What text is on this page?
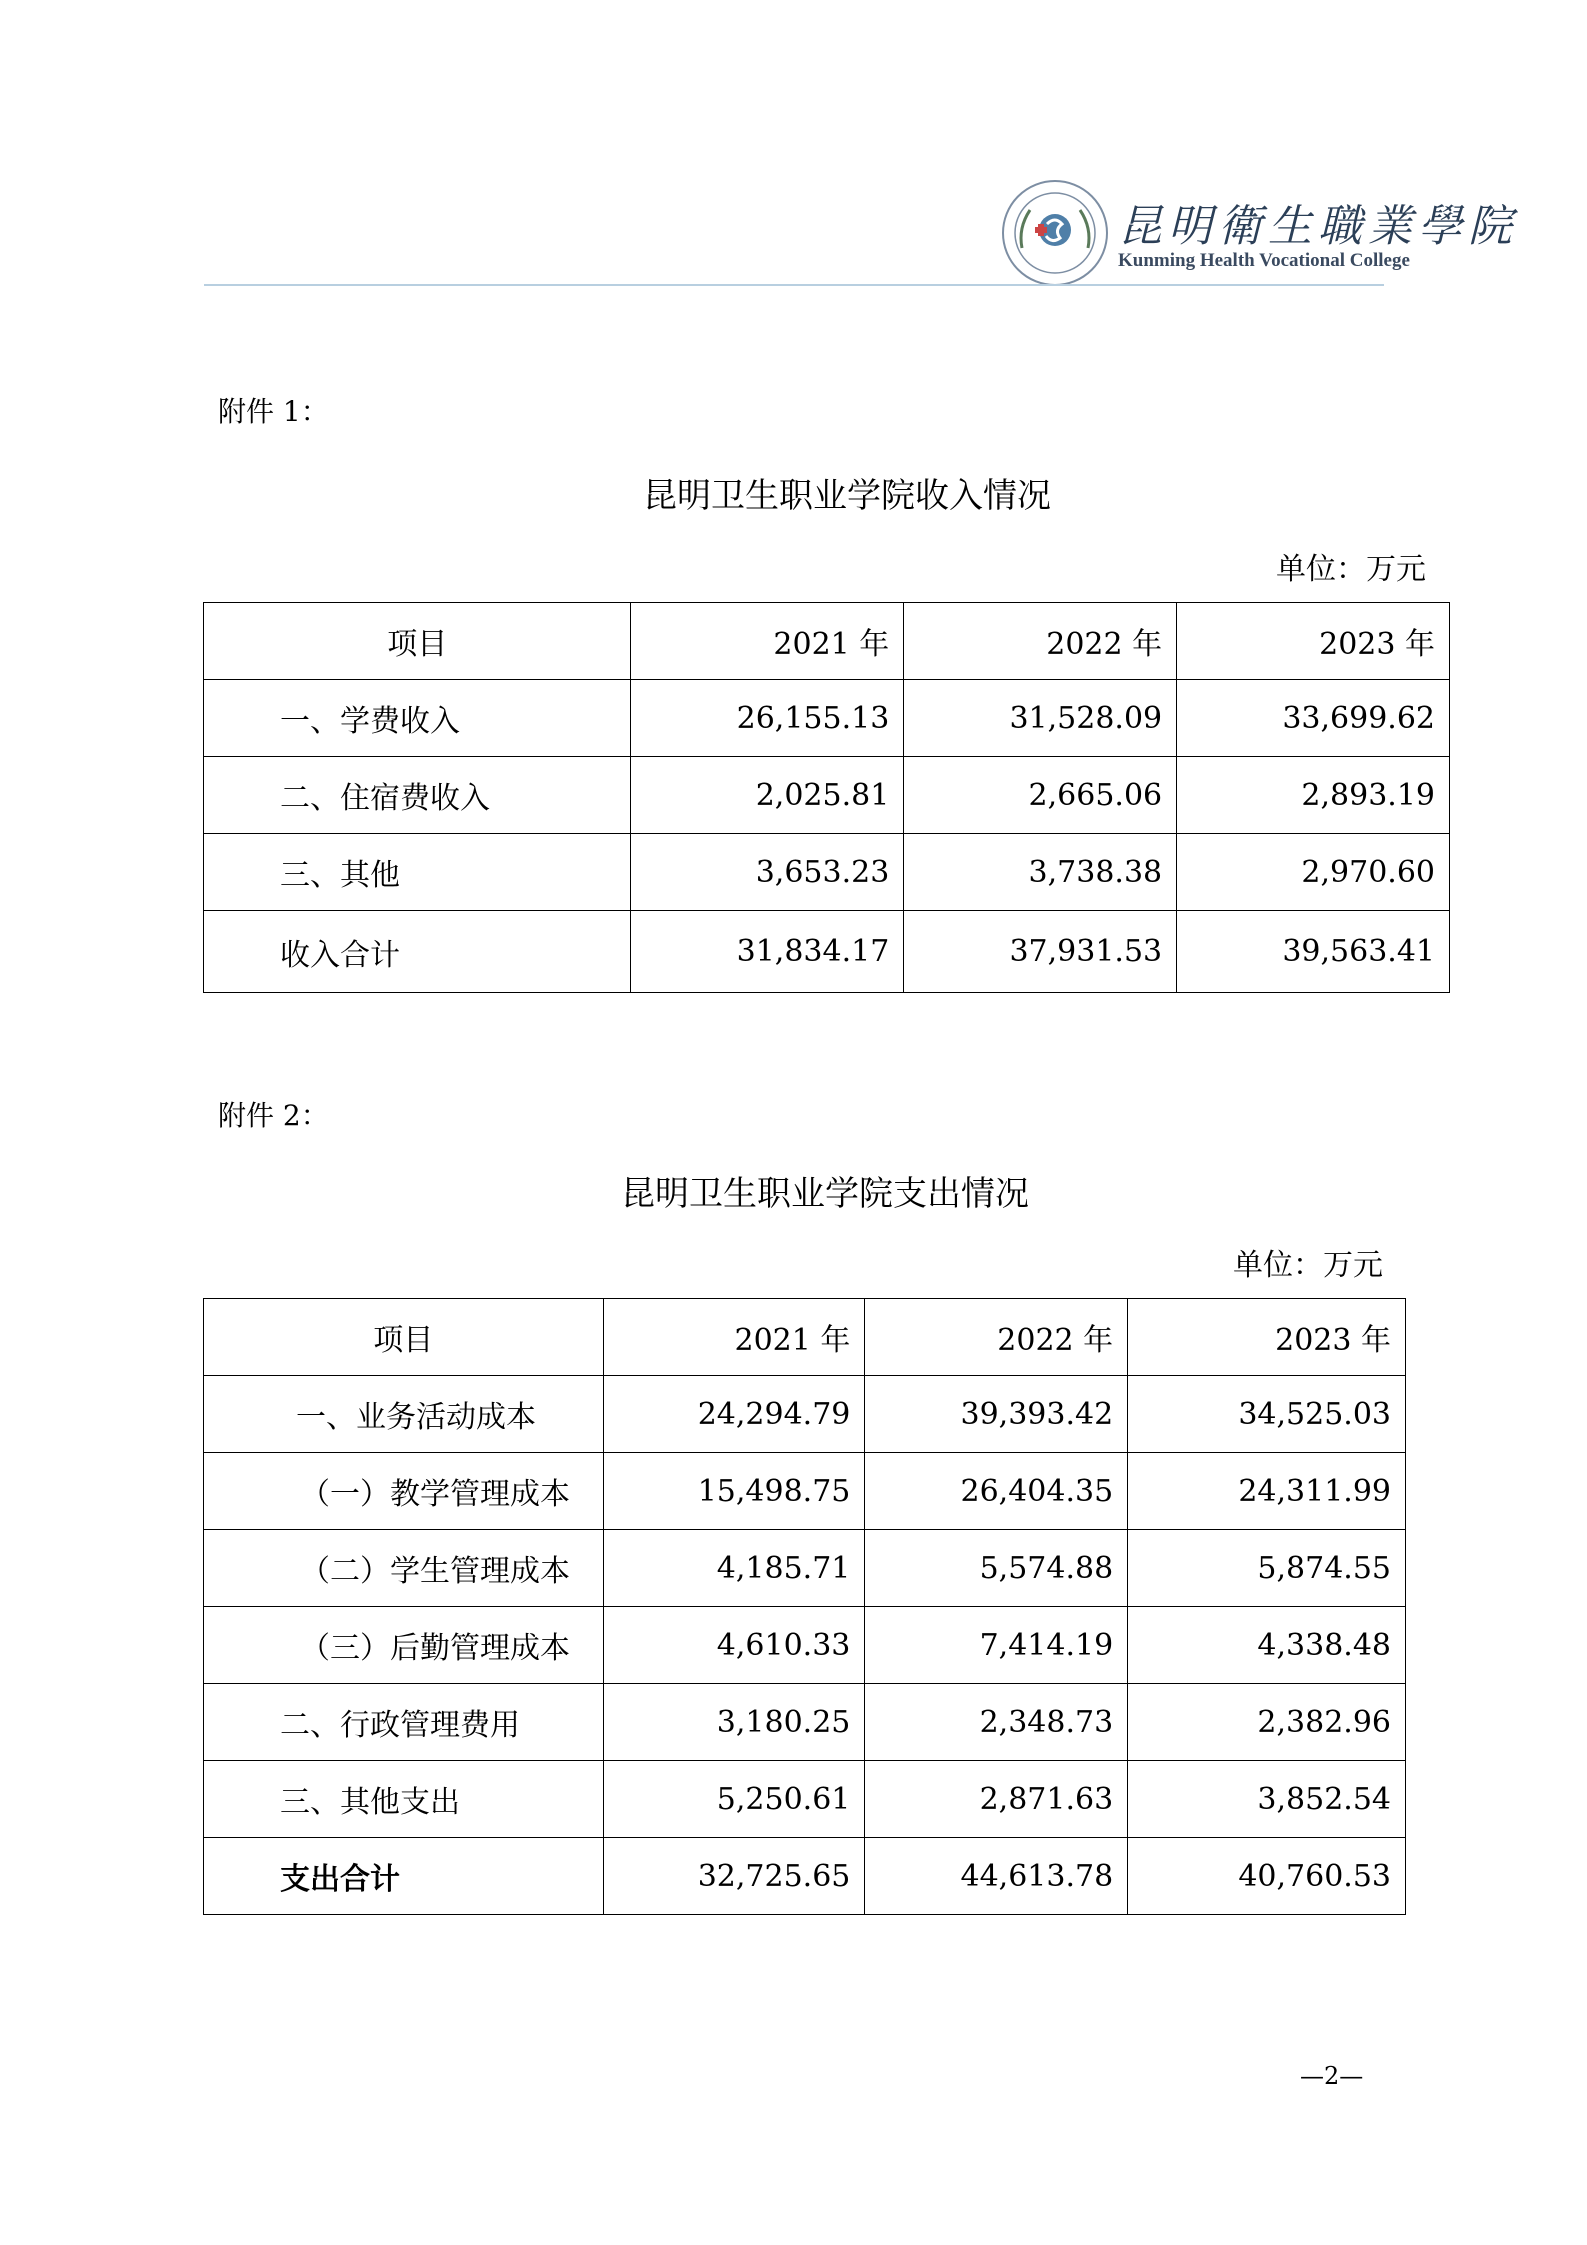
昆明衛生職業學院
Kunming Health Vocational College
附件 1：
昆明卫生职业学院收入情况
单位：万元
项目	2021 年	2022 年	2023 年
一、学费收入	26,155.13	31,528.09	33,699.62
二、住宿费收入	2,025.81	2,665.06	2,893.19
三、其他	3,653.23	3,738.38	2,970.60
收入合计	31,834.17	37,931.53	39,563.41
附件 2：
昆明卫生职业学院支出情况
单位：万元
项目	2021 年	2022 年	2023 年
一、业务活动成本	24,294.79	39,393.42	34,525.03
（一）教学管理成本	15,498.75	26,404.35	24,311.99
（二）学生管理成本	4,185.71	5,574.88	5,874.55
（三）后勤管理成本	4,610.33	7,414.19	4,338.48
二、行政管理费用	3,180.25	2,348.73	2,382.96
三、其他支出	5,250.61	2,871.63	3,852.54
支出合计	32,725.65	44,613.78	40,760.53
—2—
